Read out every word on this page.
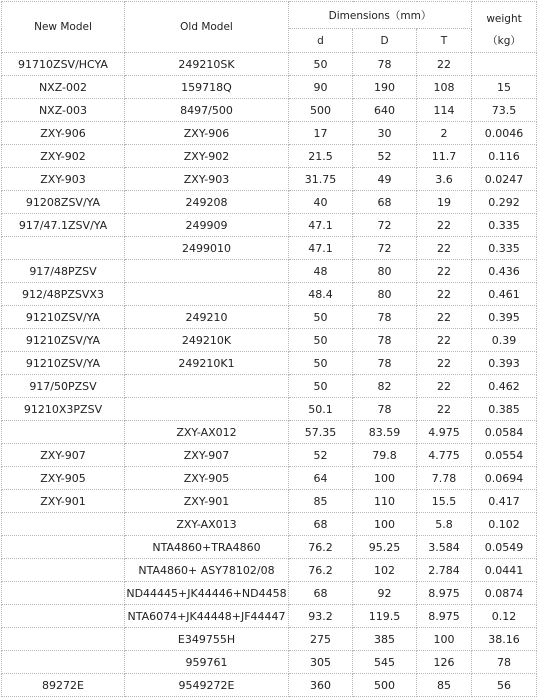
New Model	Old Model	Dimensions（mm）			weight
（kg）

		d	D	T	
91710ZSV/HCYA	249210SK	50	78	22	
NXZ-002	159718Q	90	190	108	15
NXZ-003	8497/500	500	640	114	73.5
ZXY-906	ZXY-906	17	30	2	0.0046
ZXY-902	ZXY-902	21.5	52	11.7	0.116
ZXY-903	ZXY-903	31.75	49	3.6	0.0247
91208ZSV/YA	249208	40	68	19	0.292
917/47.1ZSV/YA	249909	47.1	72	22	0.335
	2499010	47.1	72	22	0.335
917/48PZSV		48	80	22	0.436
912/48PZSVX3		48.4	80	22	0.461
91210ZSV/YA	249210	50	78	22	0.395
91210ZSV/YA	249210K	50	78	22	0.39
91210ZSV/YA	249210K1	50	78	22	0.393
917/50PZSV		50	82	22	0.462
91210X3PZSV		50.1	78	22	0.385
	ZXY-AX012	57.35	83.59	4.975	0.0584
ZXY-907	ZXY-907	52	79.8	4.775	0.0554
ZXY-905	ZXY-905	64	100	7.78	0.0694
ZXY-901	ZXY-901	85	110	15.5	0.417
	ZXY-AX013	68	100	5.8	0.102
	NTA4860+TRA4860	76.2	95.25	3.584	0.0549
	NTA4860+ ASY78102/08	76.2	102	2.784	0.0441
	ND44445+JK44446+ND4458	68	92	8.975	0.0874
	NTA6074+JK44448+JF44447	93.2	119.5	8.975	0.12
	E349755H	275	385	100	38.16
	959761	305	545	126	78
89272E	9549272E	360	500	85	56
